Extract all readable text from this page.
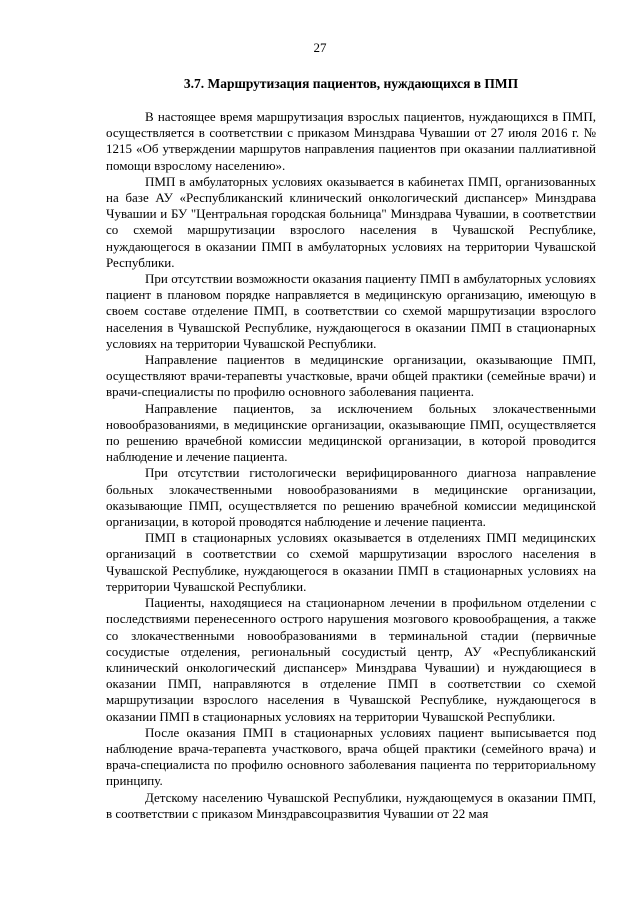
27
3.7. Маршрутизация пациентов, нуждающихся в ПМП

В настоящее время маршрутизация взрослых пациентов, нуждающихся в ПМП, осуществляется в соответствии с приказом Минздрава Чувашии от 27 июля 2016 г. № 1215 «Об утверждении маршрутов направления пациентов при оказании паллиативной помощи взрослому населению».

ПМП в амбулаторных условиях оказывается в кабинетах ПМП, организованных на базе АУ «Республиканский клинический онкологический диспансер» Минздрава Чувашии и БУ "Центральная городская больница" Минздрава Чувашии, в соответствии со схемой маршрутизации взрослого населения в Чувашской Республике, нуждающегося в оказании ПМП в амбулаторных условиях на территории Чувашской Республики.

При отсутствии возможности оказания пациенту ПМП в амбулаторных условиях пациент в плановом порядке направляется в медицинскую организацию, имеющую в своем составе отделение ПМП, в соответствии со схемой маршрутизации взрослого населения в Чувашской Республике, нуждающегося в оказании ПМП в стационарных условиях на территории Чувашской Республики.

Направление пациентов в медицинские организации, оказывающие ПМП, осуществляют врачи-терапевты участковые, врачи общей практики (семейные врачи) и врачи-специалисты по профилю основного заболевания пациента.

Направление пациентов, за исключением больных злокачественными новообразованиями, в медицинские организации, оказывающие ПМП, осуществляется по решению врачебной комиссии медицинской организации, в которой проводится наблюдение и лечение пациента.

При отсутствии гистологически верифицированного диагноза направление больных злокачественными новообразованиями в медицинские организации, оказывающие ПМП, осуществляется по решению врачебной комиссии медицинской организации, в которой проводятся наблюдение и лечение пациента.

ПМП в стационарных условиях оказывается в отделениях ПМП медицинских организаций в соответствии со схемой маршрутизации взрослого населения в Чувашской Республике, нуждающегося в оказании ПМП в стационарных условиях на территории Чувашской Республики.

Пациенты, находящиеся на стационарном лечении в профильном отделении с последствиями перенесенного острого нарушения мозгового кровообращения, а также со злокачественными новообразованиями в терминальной стадии (первичные сосудистые отделения, региональный сосудистый центр, АУ «Республиканский клинический онкологический диспансер» Минздрава Чувашии) и нуждающиеся в оказании ПМП, направляются в отделение ПМП в соответствии со схемой маршрутизации взрослого населения в Чувашской Республике, нуждающегося в оказании ПМП в стационарных условиях на территории Чувашской Республики.

После оказания ПМП в стационарных условиях пациент выписывается под наблюдение врача-терапевта участкового, врача общей практики (семейного врача) и врача-специалиста по профилю основного заболевания пациента по территориальному принципу.

Детскому населению Чувашской Республики, нуждающемуся в оказании ПМП, в соответствии с приказом Минздравсоцразвития Чувашии от 22 мая
